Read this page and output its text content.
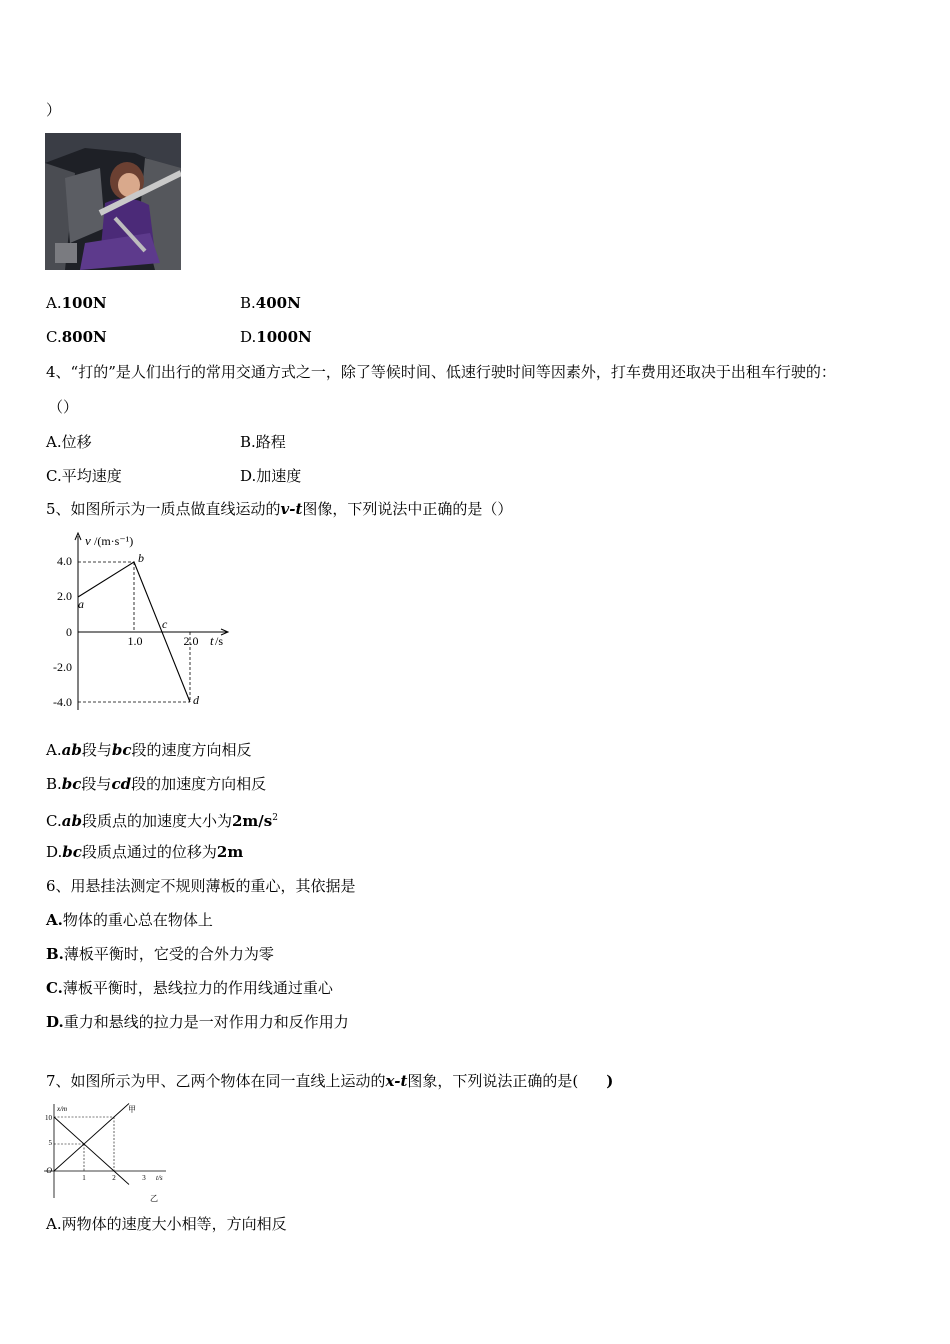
）
A.100N	B.400N
C.800N	D.1000N
4、“打的”是人们出行的常用交通方式之一，除了等候时间、低速行驶时间等因素外，打车费用还取决于出租车行驶的：
（）
A.位移	B.路程
C.平均速度	D.加速度
5、如图所示为一质点做直线运动的v-t图像，下列说法中正确的是（）
v /(m·s⁻¹)
t /s
4.0
2.0
0
-2.0
-4.0
1.0	2.0
a
b
c
d
A.ab段与bc段的速度方向相反
B.bc段与cd段的加速度方向相反
C.ab段质点的加速度大小为$2m/s^2$
D.bc段质点通过的位移为2m
6、用悬挂法测定不规则薄板的重心，其依据是
A.物体的重心总在物体上
B.薄板平衡时，它受的合外力为零
C.薄板平衡时，悬线拉力的作用线通过重心
D.重力和悬线的拉力是一对作用力和反作用力
7、如图所示为甲、乙两个物体在同一直线上运动的x-t图象，下列说法正确的是( )
x/m
t/s
10
5
O
1	2	3
甲
乙
A.两物体的速度大小相等，方向相反
